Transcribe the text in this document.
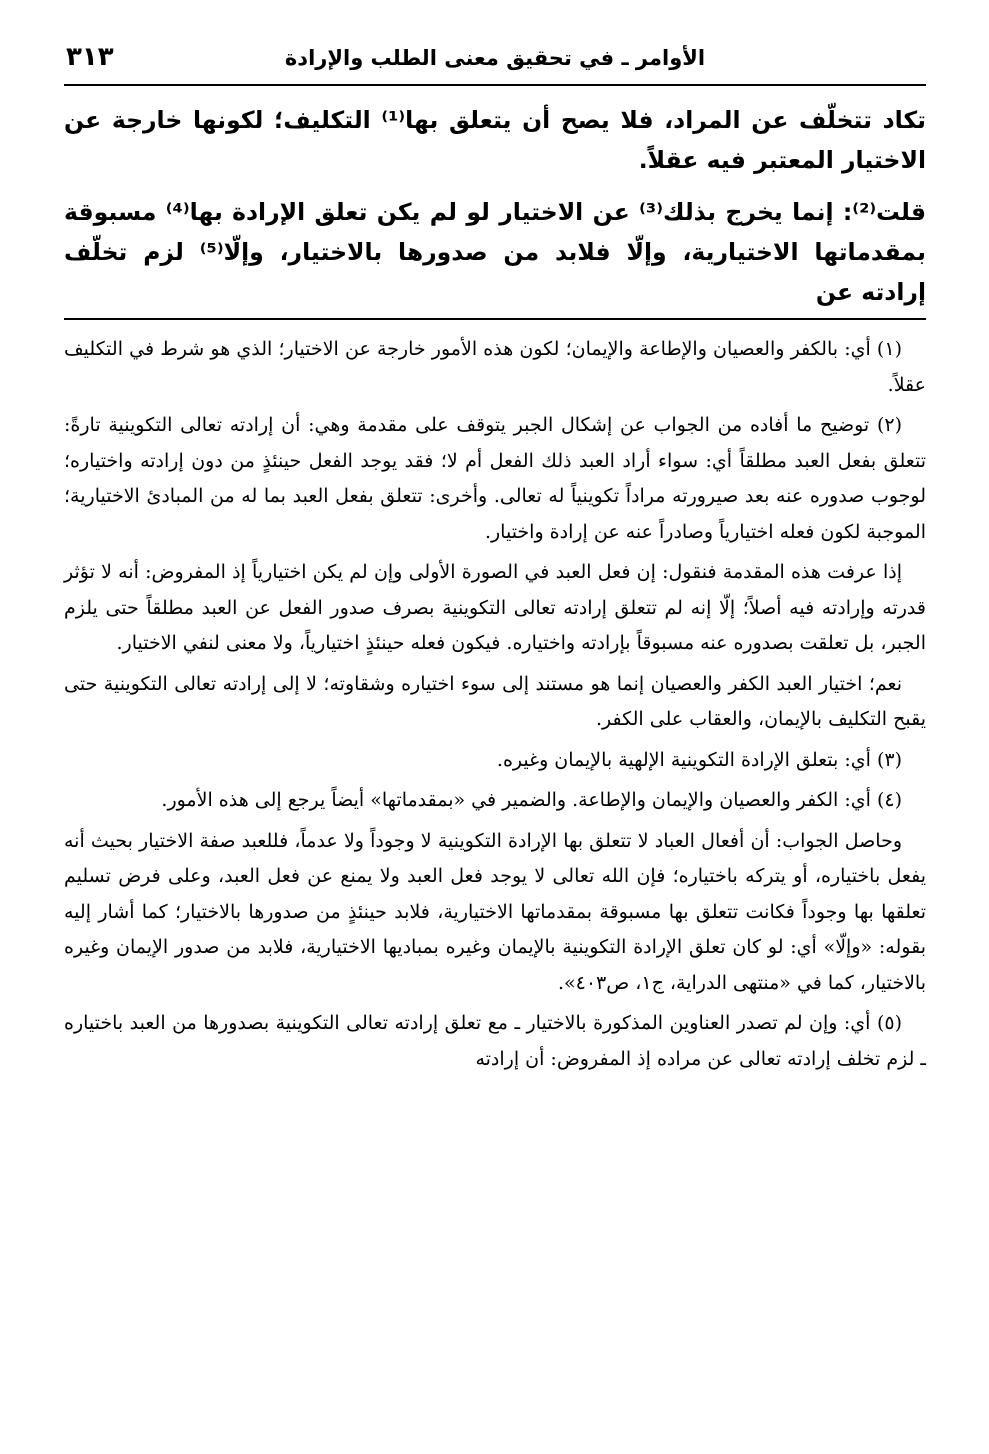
الأوامر ـ في تحقيق معنى الطلب والإرادة
٣١٣

تكاد تتخلّف عن المراد، فلا يصح أن يتعلق بها⁽¹⁾ التكليف؛ لكونها خارجة عن الاختيار المعتبر فيه عقلاً.

قلت⁽²⁾: إنما يخرج بذلك⁽³⁾ عن الاختيار لو لم يكن تعلق الإرادة بها⁽⁴⁾ مسبوقة بمقدماتها الاختيارية، وإلّا فلابد من صدورها بالاختيار، وإلّا⁽⁵⁾ لزم تخلّف إرادته عن

(١) أي: بالكفر والعصيان والإطاعة والإيمان؛ لكون هذه الأمور خارجة عن الاختيار؛ الذي هو شرط في التكليف عقلاً.

(٢) توضيح ما أفاده من الجواب عن إشكال الجبر يتوقف على مقدمة وهي: أن إرادته تعالى التكوينية تارةً: تتعلق بفعل العبد مطلقاً أي: سواء أراد العبد ذلك الفعل أم لا؛ فقد يوجد الفعل حينئذٍ من دون إرادته واختياره؛ لوجوب صدوره عنه بعد صيرورته مراداً تكوينياً له تعالى. وأخرى: تتعلق بفعل العبد بما له من المبادئ الاختيارية؛ الموجبة لكون فعله اختيارياً وصادراً عنه عن إرادة واختيار.

إذا عرفت هذه المقدمة فنقول: إن فعل العبد في الصورة الأولى وإن لم يكن اختيارياً إذ المفروض: أنه لا تؤثر قدرته وإرادته فيه أصلاً؛ إلّا إنه لم تتعلق إرادته تعالى التكوينية بصرف صدور الفعل عن العبد مطلقاً حتى يلزم الجبر، بل تعلقت بصدوره عنه مسبوقاً بإرادته واختياره. فيكون فعله حينئذٍ اختيارياً، ولا معنى لنفي الاختيار.

نعم؛ اختيار العبد الكفر والعصيان إنما هو مستند إلى سوء اختياره وشقاوته؛ لا إلى إرادته تعالى التكوينية حتى يقبح التكليف بالإيمان، والعقاب على الكفر.

(٣) أي: بتعلق الإرادة التكوينية الإلهية بالإيمان وغيره.

(٤) أي: الكفر والعصيان والإيمان والإطاعة. والضمير في «بمقدماتها» أيضاً يرجع إلى هذه الأمور.

وحاصل الجواب: أن أفعال العباد لا تتعلق بها الإرادة التكوينية لا وجوداً ولا عدماً، فللعبد صفة الاختيار بحيث أنه يفعل باختياره، أو يتركه باختياره؛ فإن الله تعالى لا يوجد فعل العبد ولا يمنع عن فعل العبد، وعلى فرض تسليم تعلقها بها وجوداً فكانت تتعلق بها مسبوقة بمقدماتها الاختيارية، فلابد حينئذٍ من صدورها بالاختيار؛ كما أشار إليه بقوله: «وإلّا» أي: لو كان تعلق الإرادة التكوينية بالإيمان وغيره بمباديها الاختيارية، فلابد من صدور الإيمان وغيره بالاختيار، كما في «منتهى الدراية، ج١، ص٤٠٣».

(٥) أي: وإن لم تصدر العناوين المذكورة بالاختيار ـ مع تعلق إرادته تعالى التكوينية بصدورها من العبد باختياره ـ لزم تخلف إرادته تعالى عن مراده إذ المفروض: أن إرادته
